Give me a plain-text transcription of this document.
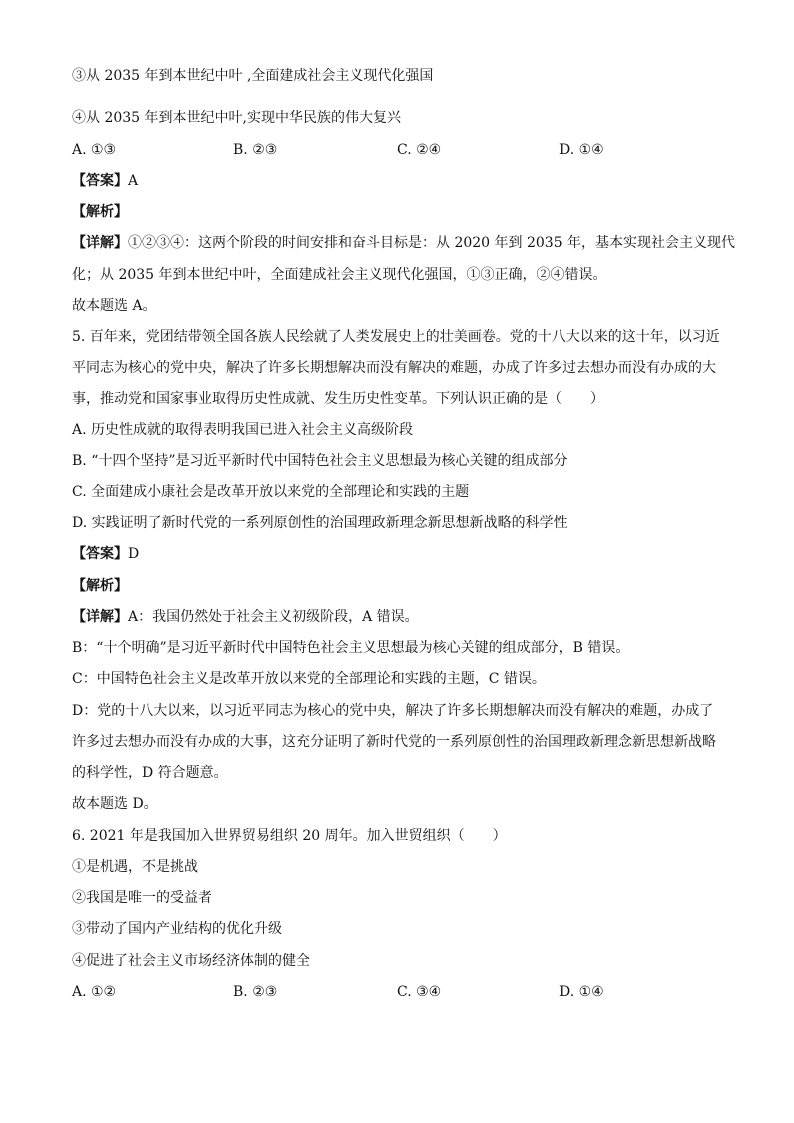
③从 2035 年到本世纪中叶 ,全面建成社会主义现代化强国
④从 2035 年到本世纪中叶,实现中华民族的伟大复兴
A. ①③	B. ②③	C. ②④	D. ①④
【答案】A
【解析】
【详解】①②③④：这两个阶段的时间安排和奋斗目标是：从 2020 年到 2035 年，基本实现社会主义现代
化；从 2035 年到本世纪中叶，全面建成社会主义现代化强国，①③正确，②④错误。
故本题选 A。
5. 百年来，党团结带领全国各族人民绘就了人类发展史上的壮美画卷。党的十八大以来的这十年，以习近
平同志为核心的党中央，解决了许多长期想解决而没有解决的难题，办成了许多过去想办而没有办成的大
事，推动党和国家事业取得历史性成就、发生历史性变革。下列认识正确的是（　　）
A. 历史性成就的取得表明我国已进入社会主义高级阶段
B. “十四个坚持”是习近平新时代中国特色社会主义思想最为核心关键的组成部分
C. 全面建成小康社会是改革开放以来党的全部理论和实践的主题
D. 实践证明了新时代党的一系列原创性的治国理政新理念新思想新战略的科学性
【答案】D
【解析】
【详解】A：我国仍然处于社会主义初级阶段，A 错误。
B：“十个明确”是习近平新时代中国特色社会主义思想最为核心关键的组成部分，B 错误。
C：中国特色社会主义是改革开放以来党的全部理论和实践的主题，C 错误。
D：党的十八大以来，以习近平同志为核心的党中央，解决了许多长期想解决而没有解决的难题，办成了
许多过去想办而没有办成的大事，这充分证明了新时代党的一系列原创性的治国理政新理念新思想新战略
的科学性，D 符合题意。
故本题选 D。
6. 2021 年是我国加入世界贸易组织 20 周年。加入世贸组织（　　）
①是机遇，不是挑战
②我国是唯一的受益者
③带动了国内产业结构的优化升级
④促进了社会主义市场经济体制的健全
A. ①②	B. ②③	C. ③④	D. ①④
